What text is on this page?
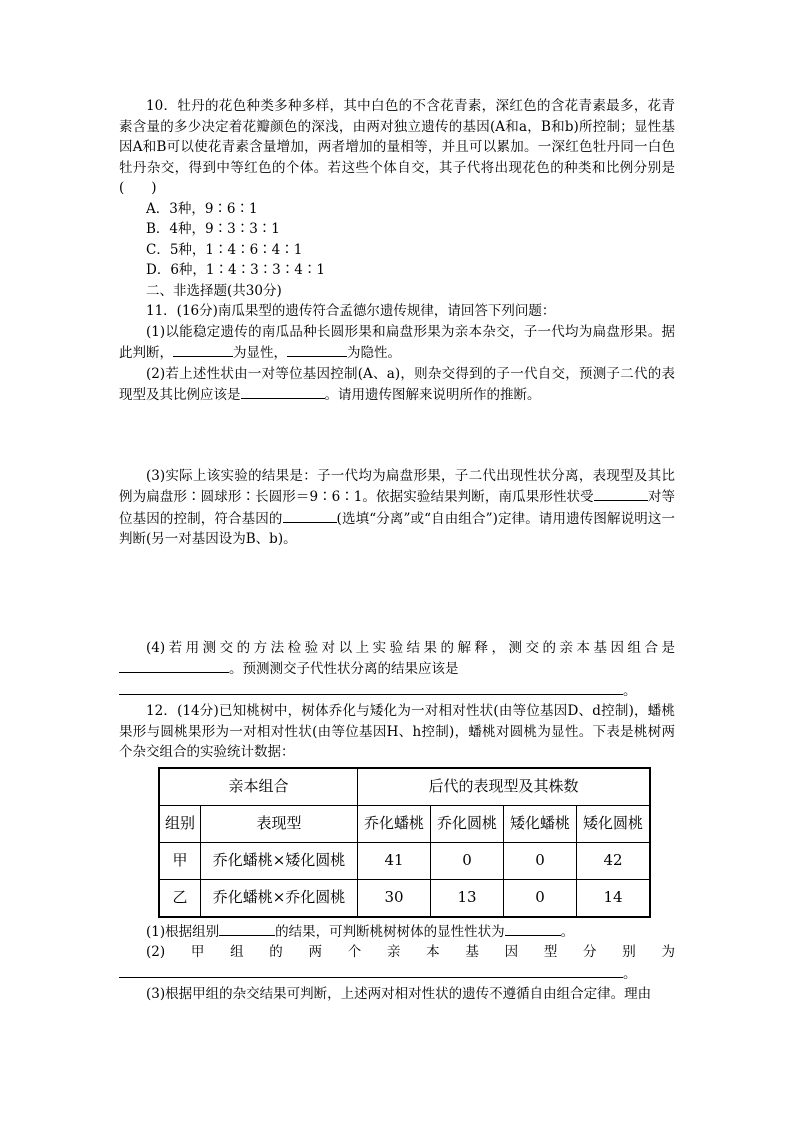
10．牡丹的花色种类多种多样，其中白色的不含花青素，深红色的含花青素最多，花青素含量的多少决定着花瓣颜色的深浅，由两对独立遗传的基因(A和a，B和b)所控制；显性基因A和B可以使花青素含量增加，两者增加的量相等，并且可以累加。一深红色牡丹同一白色牡丹杂交，得到中等红色的个体。若这些个体自交，其子代将出现花色的种类和比例分别是(　　)

A．3种，9∶6∶1
B．4种，9∶3∶3∶1
C．5种，1∶4∶6∶4∶1
D．6种，1∶4∶3∶3∶4∶1

二、非选择题(共30分)

11．(16分)南瓜果型的遗传符合孟德尔遗传规律，请回答下列问题：

(1)以能稳定遗传的南瓜品种长圆形果和扁盘形果为亲本杂交，子一代均为扁盘形果。据此判断，	为显性，	为隐性。

(2)若上述性状由一对等位基因控制(A、a)，则杂交得到的子一代自交，预测子二代的表现型及其比例应该是	。请用遗传图解来说明所作的推断。

(3)实际上该实验的结果是：子一代均为扁盘形果，子二代出现性状分离，表现型及其比例为扁盘形∶圆球形∶长圆形＝9∶6∶1。依据实验结果判断，南瓜果形性状受	对等位基因的控制，符合基因的	(选填“分离”或“自由组合”)定律。请用遗传图解说明这一判断(另一对基因设为B、b)。

(4)若用测交的方法检验对以上实验结果的解释，测交的亲本基因组合是。预测测交子代性状分离的结果应该是

。

12．(14分)已知桃树中，树体乔化与矮化为一对相对性状(由等位基因D、d控制)，蟠桃果形与圆桃果形为一对相对性状(由等位基因H、h控制)，蟠桃对圆桃为显性。下表是桃树两个杂交组合的实验统计数据：

亲本组合		后代的表现型及其株数			
组别	表现型	乔化蟠桃	乔化圆桃	矮化蟠桃	矮化圆桃
甲	乔化蟠桃×矮化圆桃	41	0	0	42
乙	乔化蟠桃×乔化圆桃	30	13	0	14

(1)根据组别	的结果，可判断桃树树体的显性性状为	。

(2)甲组的两个亲本基因型分别为

。

(3)根据甲组的杂交结果可判断，上述两对相对性状的遗传不遵循自由组合定律。理由
